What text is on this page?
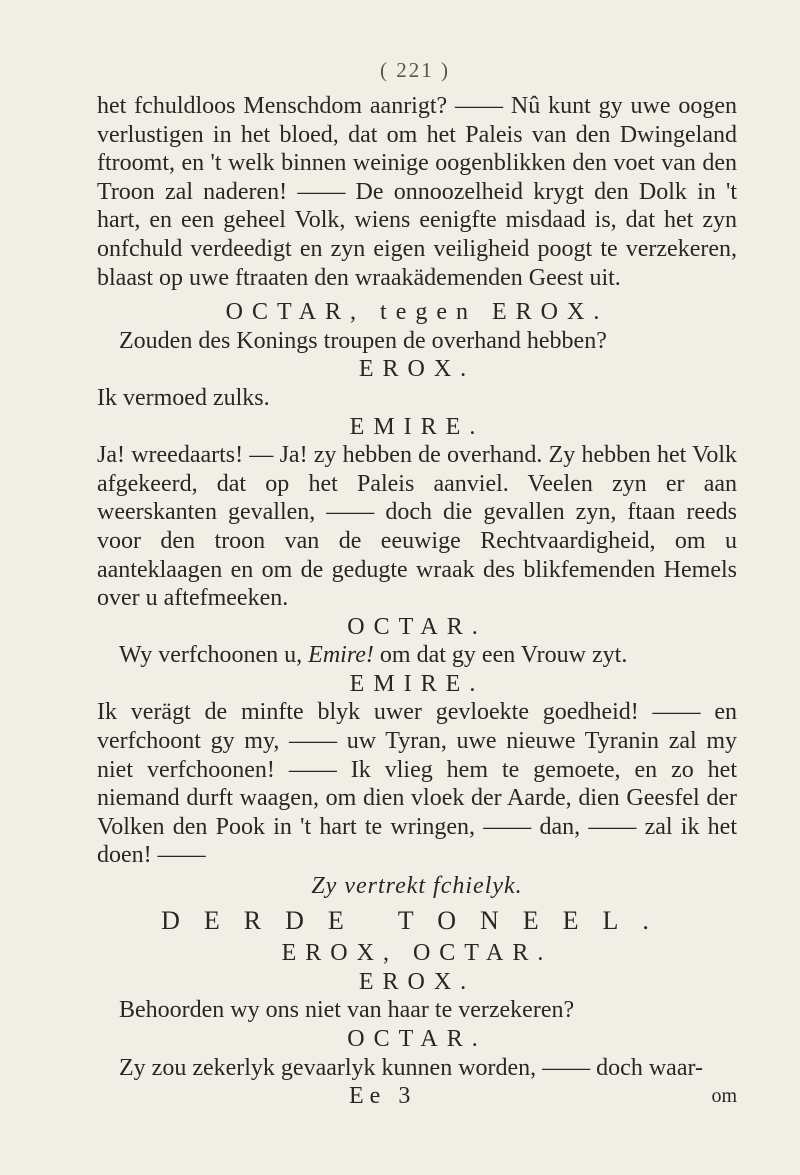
( 221 )

het fchuldloos Menschdom aanrigt? —— Nû kunt gy uwe oogen verlustigen in het bloed, dat om het Paleis van den Dwingeland ftroomt, en 't welk binnen weinige oogenblikken den voet van den Troon zal naderen! —— De onnoozelheid krygt den Dolk in 't hart, en een geheel Volk, wiens eenigfte misdaad is, dat het zyn onfchuld verdeedigt en zyn eigen veiligheid poogt te verzekeren, blaast op uwe ftraaten den wraakädemenden Geest uit.

OCTAR, tegen EROX.

Zouden des Konings troupen de overhand hebben?

EROX.

Ik vermoed zulks.

EMIRE.

Ja! wreedaarts! — Ja! zy hebben de overhand. Zy hebben het Volk afgekeerd, dat op het Paleis aanviel. Veelen zyn er aan weerskanten gevallen, —— doch die gevallen zyn, ftaan reeds voor den troon van de eeuwige Rechtvaardigheid, om u aanteklaagen en om de gedugte wraak des blikfemenden Hemels over u aftefmeeken.

OCTAR.

Wy verfchoonen u, Emire! om dat gy een Vrouw zyt.

EMIRE.

Ik verägt de minfte blyk uwer gevloekte goedheid! —— en verfchoont gy my, —— uw Tyran, uwe nieuwe Tyranin zal my niet verfchoonen! —— Ik vlieg hem te gemoete, en zo het niemand durft waagen, om dien vloek der Aarde, dien Geesfel der Volken den Pook in 't hart te wringen, —— dan, —— zal ik het doen! ——

Zy vertrekt fchielyk.

DERDE TONEEL.

EROX, OCTAR.

EROX.

Behoorden wy ons niet van haar te verzekeren?

OCTAR.

Zy zou zekerlyk gevaarlyk kunnen worden, —— doch waar-

Ee 3	om
